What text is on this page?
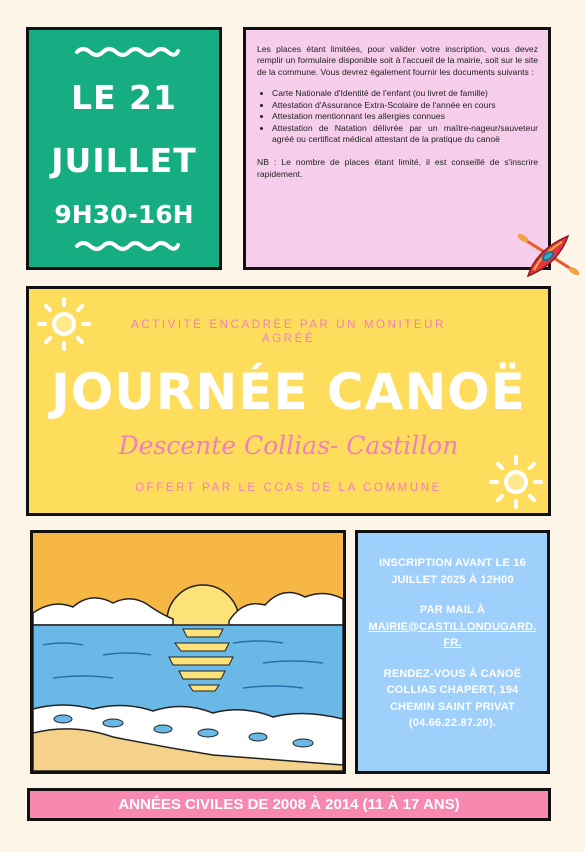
LE 21
JUILLET
9H30-16H

Les places étant limitées, pour valider votre inscription, vous devez remplir un formulaire disponible soit à l'accueil de la mairie, soit sur le site de la commune. Vous devrez également fournir les documents suivants :

• Carte Nationale d'Identité de l'enfant (ou livret de famille)
• Attestation d'Assurance Extra-Scolaire de l'année en cours
• Attestation mentionnant les allergies connues
• Attestation de Natation délivrée par un maître-nageur/sauveteur agréé ou certificat médical attestant de la pratique du canoë

NB : Le nombre de places étant limité, il est conseillé de s'inscrire rapidement.

ACTIVITÉ ENCADRÉE PAR UN MONITEUR AGRÉÉ
JOURNÉE CANOË
Descente Collias- Castillon
OFFERT PAR LE CCAS DE LA COMMUNE

INSCRIPTION AVANT LE 16 JUILLET 2025 À 12H00

PAR MAIL À
MAIRIE@CASTILLONDUGARD.FR.

RENDEZ-VOUS À CANOË COLLIAS CHAPERT, 194 CHEMIN SAINT PRIVAT (04.66.22.87.20).

ANNÉES CIVILES DE 2008 À 2014 (11 À 17 ANS)
